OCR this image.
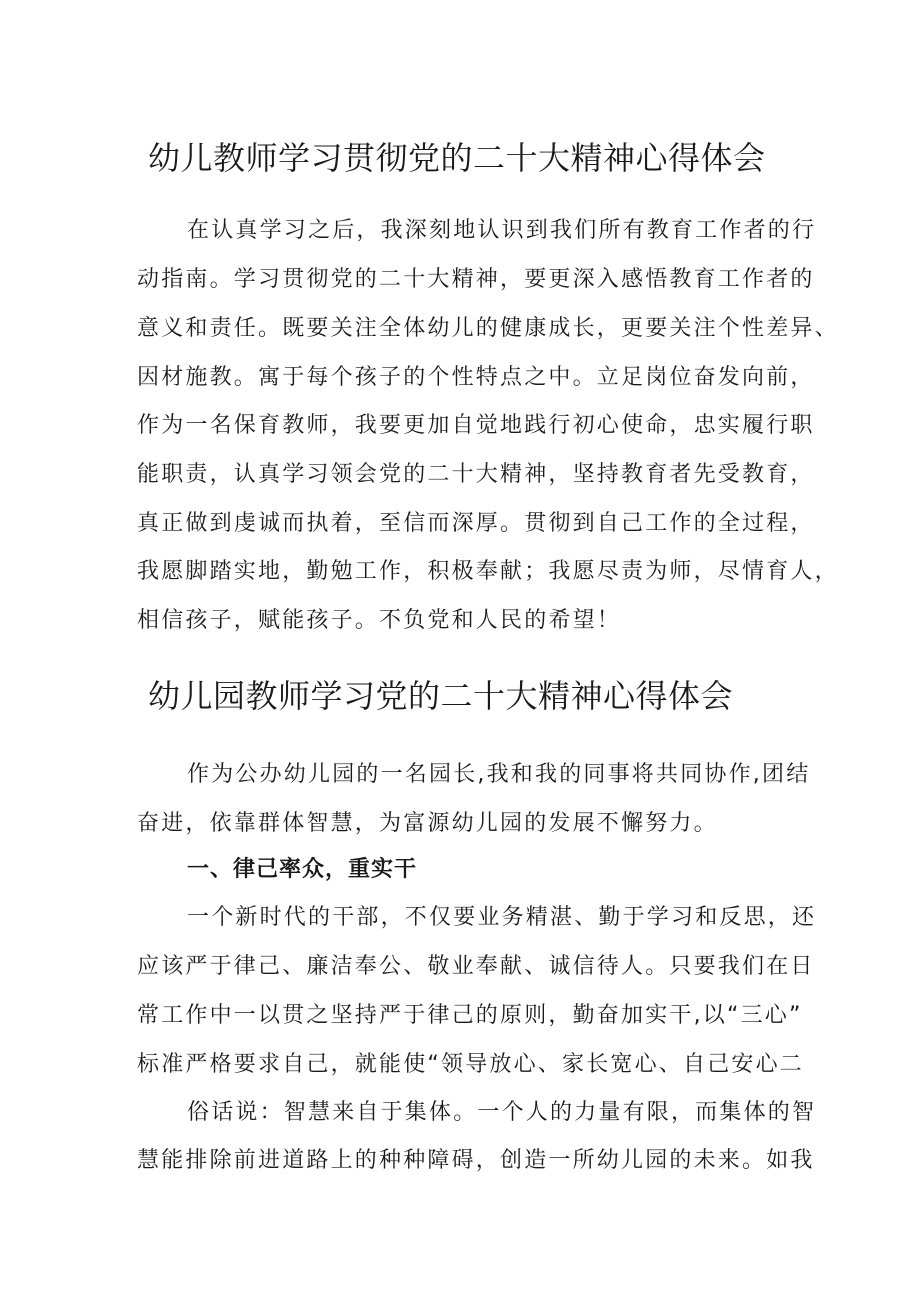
幼儿教师学习贯彻党的二十大精神心得体会

在认真学习之后，我深刻地认识到我们所有教育工作者的行

动指南。学习贯彻党的二十大精神，要更深入感悟教育工作者的

意义和责任。既要关注全体幼儿的健康成长，更要关注个性差异、

因材施教。寓于每个孩子的个性特点之中。立足岗位奋发向前，

作为一名保育教师，我要更加自觉地践行初心使命，忠实履行职

能职责，认真学习领会党的二十大精神，坚持教育者先受教育，

真正做到虔诚而执着，至信而深厚。贯彻到自己工作的全过程，

我愿脚踏实地，勤勉工作，积极奉献；我愿尽责为师，尽情育人，

相信孩子，赋能孩子。不负党和人民的希望！

幼儿园教师学习党的二十大精神心得体会

作为公办幼儿园的一名园长,我和我的同事将共同协作,团结

奋进，依靠群体智慧，为富源幼儿园的发展不懈努力。

一、律己率众，重实干

一个新时代的干部，不仅要业务精湛、勤于学习和反思，还

应该严于律己、廉洁奉公、敬业奉献、诚信待人。只要我们在日

常工作中一以贯之坚持严于律己的原则，勤奋加实干,以“三心”

标准严格要求自己，就能使“领导放心、家长宽心、自己安心二

俗话说：智慧来自于集体。一个人的力量有限，而集体的智

慧能排除前进道路上的种种障碍，创造一所幼儿园的未来。如我
